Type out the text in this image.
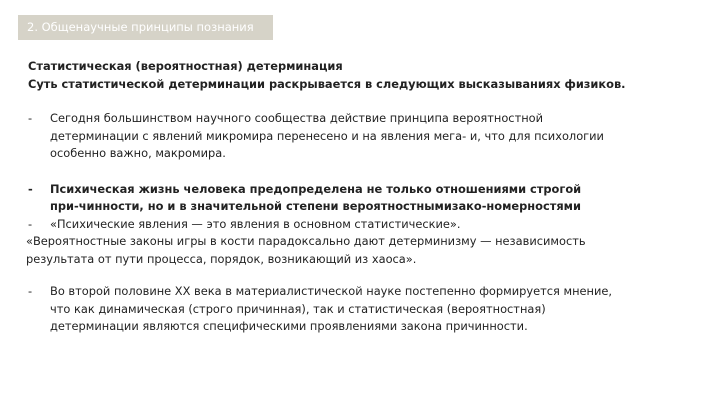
2. Общенаучные принципы познания
Статистическая (вероятностная) детерминация
Суть статистической детерминации раскрывается в следующих высказываниях физиков.
- Сегодня большинством научного сообщества действие принципа вероятностной
детерминации с явлений микромира перенесено и на явления мега- и, что для психологии
особенно важно, макромира.
- Психическая жизнь человека предопределена не только отношениями строгой
при-чинности, но и в значительной степени вероятностнымизако-номерностями
- «Психические явления — это явления в основном статистические».
«Вероятностные законы игры в кости парадоксально дают детерминизму — независимость
результата от пути процесса, порядок, возникающий из хаоса».
- Во второй половине XX века в материалистической науке постепенно формируется мнение,
что как динамическая (строго причинная), так и статистическая (вероятностная)
детерминации являются специфическими проявлениями закона причинности.
